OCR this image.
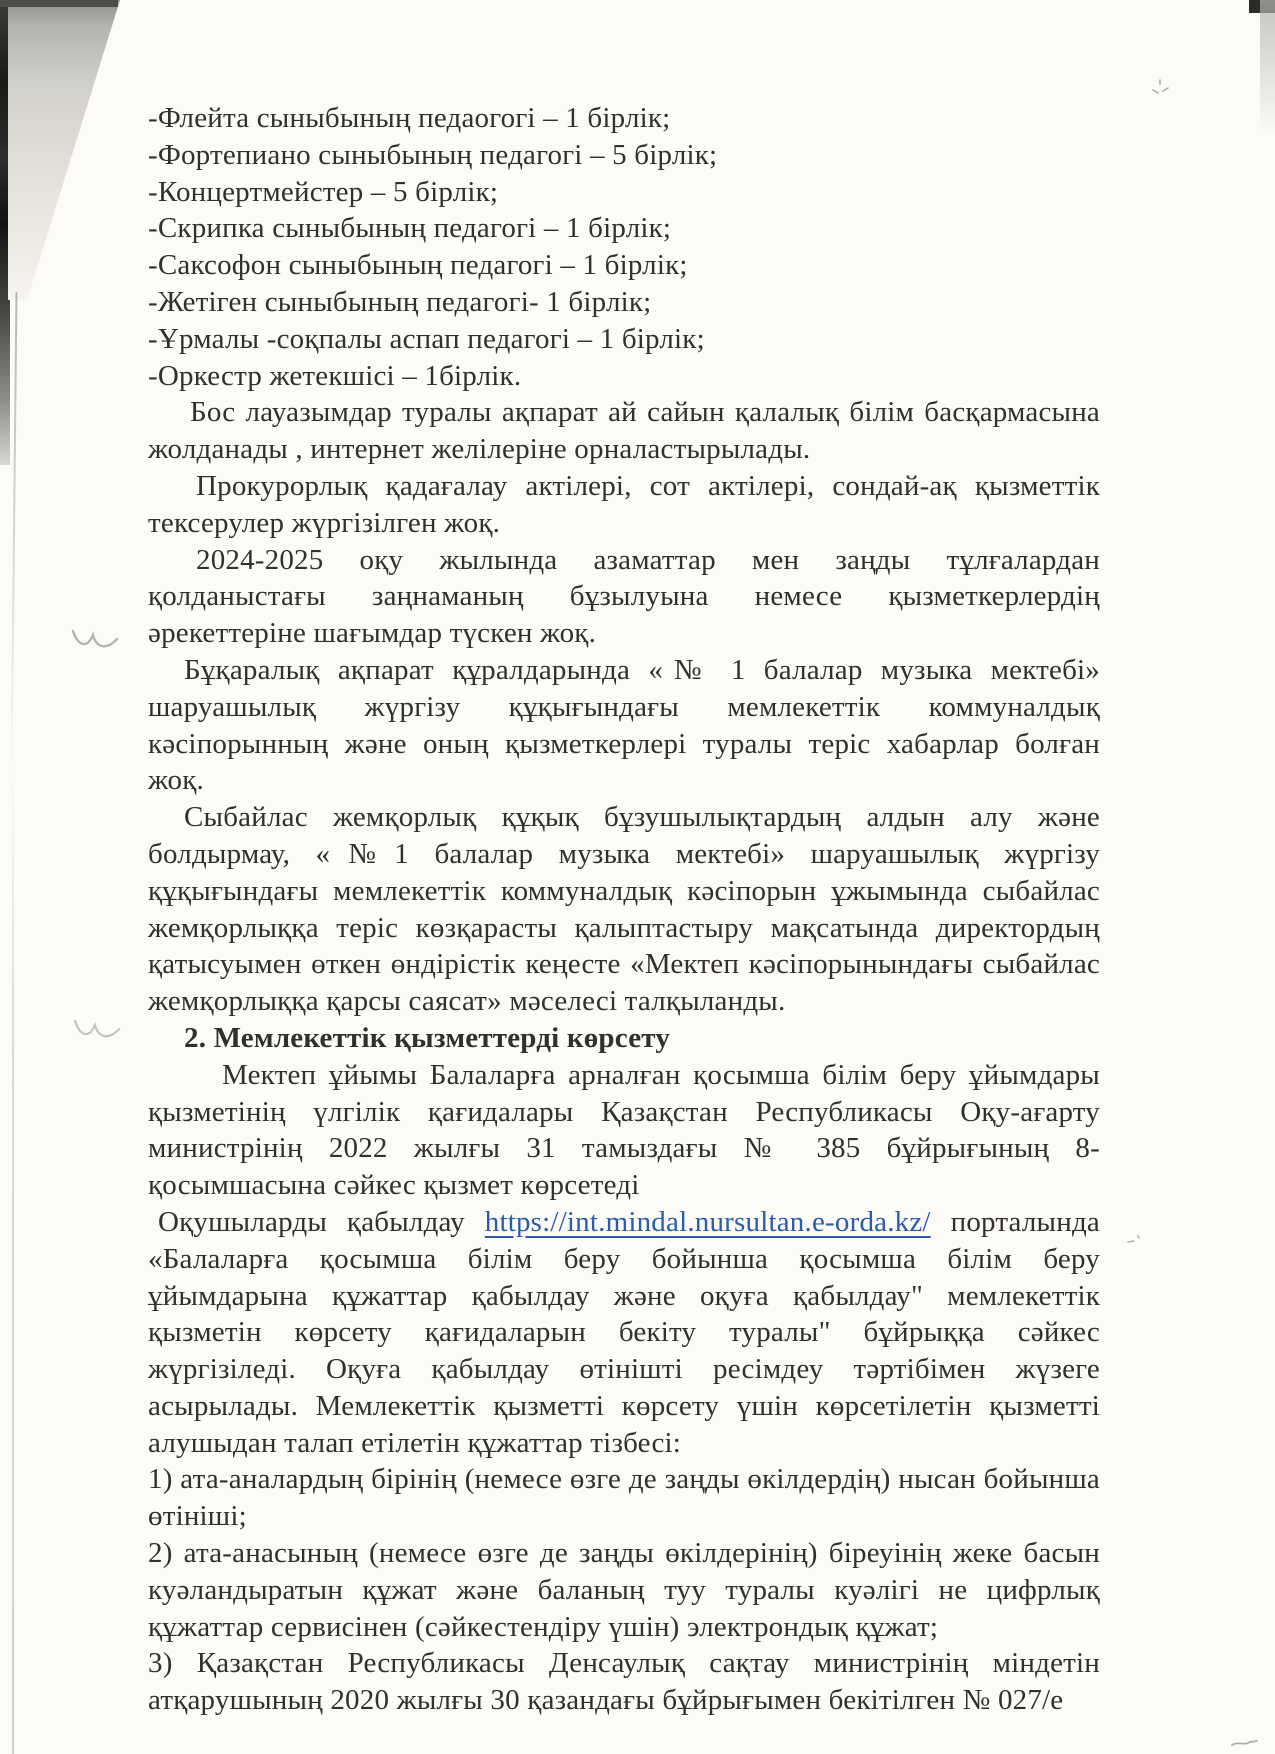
-Флейта сыныбының педаогогі – 1 бірлік;
-Фортепиано сыныбының педагогі – 5 бірлік;
-Концертмейстер – 5 бірлік;
-Скрипка сыныбының педагогі – 1 бірлік;
-Саксофон сыныбының педагогі – 1 бірлік;
-Жетіген сыныбының педагогі- 1 бірлік;
-Ұрмалы -соқпалы аспап педагогі – 1 бірлік;
-Оркестр жетекшісі – 1бірлік.

Бос лауазымдар туралы ақпарат ай сайын қалалық білім басқармасына жолданады , интернет желілеріне орналастырылады.

Прокурорлық қадағалау актілері, сот актілері, сондай-ақ қызметтік тексерулер жүргізілген жоқ.

2024-2025 оқу жылында азаматтар мен заңды тұлғалардан қолданыстағы заңнаманың бұзылуына немесе қызметкерлердің әрекеттеріне шағымдар түскен жоқ.

Бұқаралық ақпарат құралдарында «№ 1 балалар музыка мектебі» шаруашылық жүргізу құқығындағы мемлекеттік коммуналдық кәсіпорынның және оның қызметкерлері туралы теріс хабарлар болған жоқ.

Сыбайлас жемқорлық құқық бұзушылықтардың алдын алу және болдырмау, «№1 балалар музыка мектебі» шаруашылық жүргізу құқығындағы мемлекеттік коммуналдық кәсіпорын ұжымында сыбайлас жемқорлыққа теріс көзқарасты қалыптастыру мақсатында директордың қатысуымен өткен өндірістік кеңесте «Мектеп кәсіпорынындағы сыбайлас жемқорлыққа қарсы саясат» мәселесі талқыланды.

2. Мемлекеттік қызметтерді көрсету

Мектеп ұйымы Балаларға арналған қосымша білім беру ұйымдары қызметінің үлгілік қағидалары Қазақстан Республикасы Оқу-ағарту министрінің 2022 жылғы 31 тамыздағы № 385 бұйрығының 8-қосымшасына сәйкес қызмет көрсетеді

Оқушыларды қабылдау https://int.mindal.nursultan.e-orda.kz/ порталында «Балаларға қосымша білім беру бойынша қосымша білім беру ұйымдарына құжаттар қабылдау және оқуға қабылдау" мемлекеттік қызметін көрсету қағидаларын бекіту туралы" бұйрыққа сәйкес жүргізіледі. Оқуға қабылдау өтінішті ресімдеу тәртібімен жүзеге асырылады. Мемлекеттік қызметті көрсету үшін көрсетілетін қызметті алушыдан талап етілетін құжаттар тізбесі:

1) ата-аналардың бірінің (немесе өзге де заңды өкілдердің) нысан бойынша өтініші;

2) ата-анасының (немесе өзге де заңды өкілдерінің) біреуінің жеке басын куәландыратын құжат және баланың туу туралы куәлігі не цифрлық құжаттар сервисінен (сәйкестендіру үшін) электрондық құжат;

3) Қазақстан Республикасы Денсаулық сақтау министрінің міндетін атқарушының 2020 жылғы 30 қазандағы бұйрығымен бекітілген № 027/е
